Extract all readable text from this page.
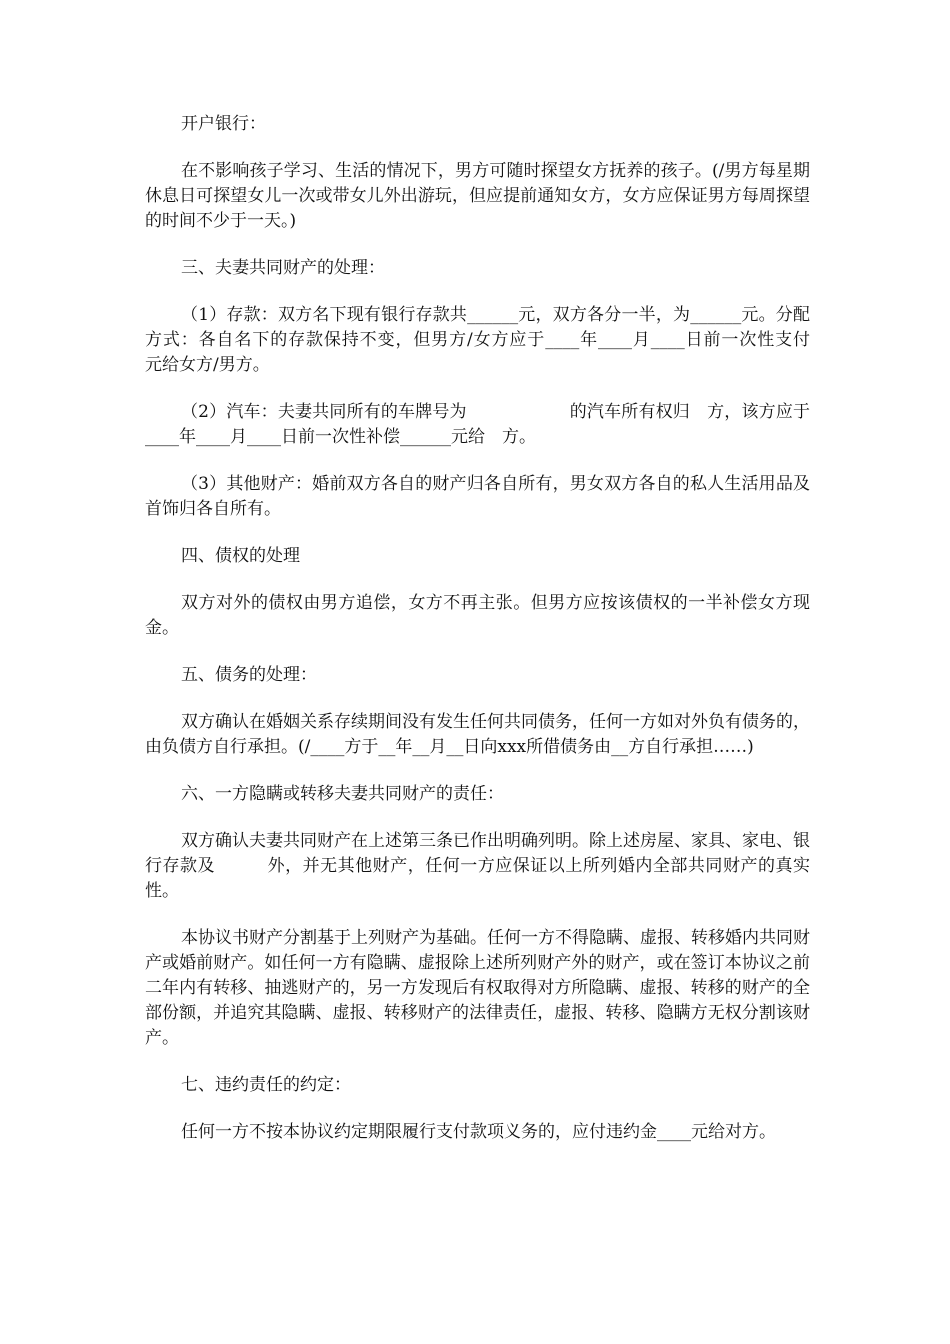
开户银行：

在不影响孩子学习、生活的情况下，男方可随时探望女方抚养的孩子。(/男方每星期休息日可探望女儿一次或带女儿外出游玩，但应提前通知女方，女方应保证男方每周探望的时间不少于一天。)

三、夫妻共同财产的处理：

（1）存款：双方名下现有银行存款共______元，双方各分一半，为______元。分配方式：各自名下的存款保持不变，但男方/女方应于____年____月____日前一次性支付　　　元给女方/男方。

（2）汽车：夫妻共同所有的车牌号为　　　　　　的汽车所有权归　方，该方应于____年____月____日前一次性补偿______元给　方。

（3）其他财产：婚前双方各自的财产归各自所有，男女双方各自的私人生活用品及首饰归各自所有。

四、债权的处理

双方对外的债权由男方追偿，女方不再主张。但男方应按该债权的一半补偿女方现金。

五、债务的处理：

双方确认在婚姻关系存续期间没有发生任何共同债务，任何一方如对外负有债务的，由负债方自行承担。(/____方于__年__月__日向xxx所借债务由__方自行承担……)

六、一方隐瞒或转移夫妻共同财产的责任：

双方确认夫妻共同财产在上述第三条已作出明确列明。除上述房屋、家具、家电、银行存款及　　　外，并无其他财产，任何一方应保证以上所列婚内全部共同财产的真实性。

本协议书财产分割基于上列财产为基础。任何一方不得隐瞒、虚报、转移婚内共同财产或婚前财产。如任何一方有隐瞒、虚报除上述所列财产外的财产，或在签订本协议之前二年内有转移、抽逃财产的，另一方发现后有权取得对方所隐瞒、虚报、转移的财产的全部份额，并追究其隐瞒、虚报、转移财产的法律责任，虚报、转移、隐瞒方无权分割该财产。

七、违约责任的约定：

任何一方不按本协议约定期限履行支付款项义务的，应付违约金____元给对方。
